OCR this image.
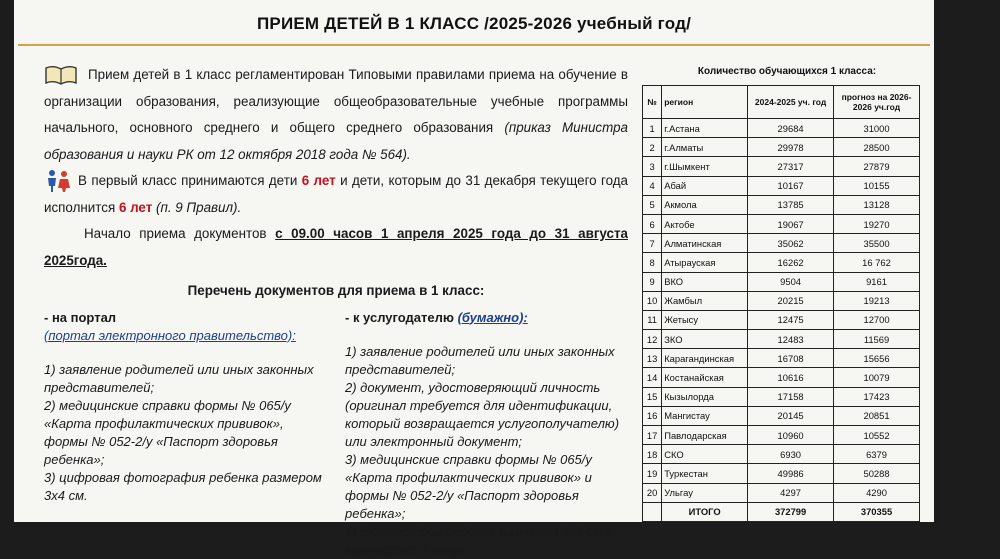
ПРИЕМ ДЕТЕЙ В 1 КЛАСС /2025-2026 учебный год/

Прием детей в 1 класс регламентирован Типовыми правилами приема на обучение в организации образования, реализующие общеобразовательные учебные программы начального, основного среднего и общего среднего образования (приказ Министра образования и науки РК от 12 октября 2018 года № 564).

В первый класс принимаются дети 6 лет и дети, которым до 31 декабря текущего года исполнится 6 лет (п. 9 Правил).

Начало приема документов с 09.00 часов 1 апреля 2025 года до 31 августа 2025года.

Перечень документов для приема в 1 класс:

- на портал

(портал электронного правительство):

1) заявление родителей или иных законных представителей;

2) медицинские справки формы № 065/у «Карта профилактических прививок», формы № 052-2/у «Паспорт здоровья ребенка»;

3) цифровая фотография ребенка размером 3х4 см.

- к услугодателю (бумажно):

1) заявление родителей или иных законных представителей;

2) документ, удостоверяющий личность (оригинал требуется для идентификации, который возвращается услугополучателю) или электронный документ;

3) медицинские справки формы № 065/у «Карта профилактических прививок» и формы № 052-2/у «Паспорт здоровья ребенка»;

4) фотографии ребенка размером 3х4 см в количестве 2 штук.

Количество обучающихся 1 класса:
№	регион	2024-2025 уч. год	прогноз на 2026-2026 уч.год
1	г.Астана	29684	31000
2	г.Алматы	29978	28500
3	г.Шымкент	27317	27879
4	Абай	10167	10155
5	Акмола	13785	13128
6	Актобе	19067	19270
7	Алматинская	35062	35500
8	Атырауская	16262	16 762
9	ВКО	9504	9161
10	Жамбыл	20215	19213
11	Жетысу	12475	12700
12	ЗКО	12483	11569
13	Карагандинская	16708	15656
14	Костанайская	10616	10079
15	Кызылорда	17158	17423
16	Мангистау	20145	20851
17	Павлодарская	10960	10552
18	СКО	6930	6379
19	Туркестан	49986	50288
20	Ульгау	4297	4290
	ИТОГО	372799	370355
